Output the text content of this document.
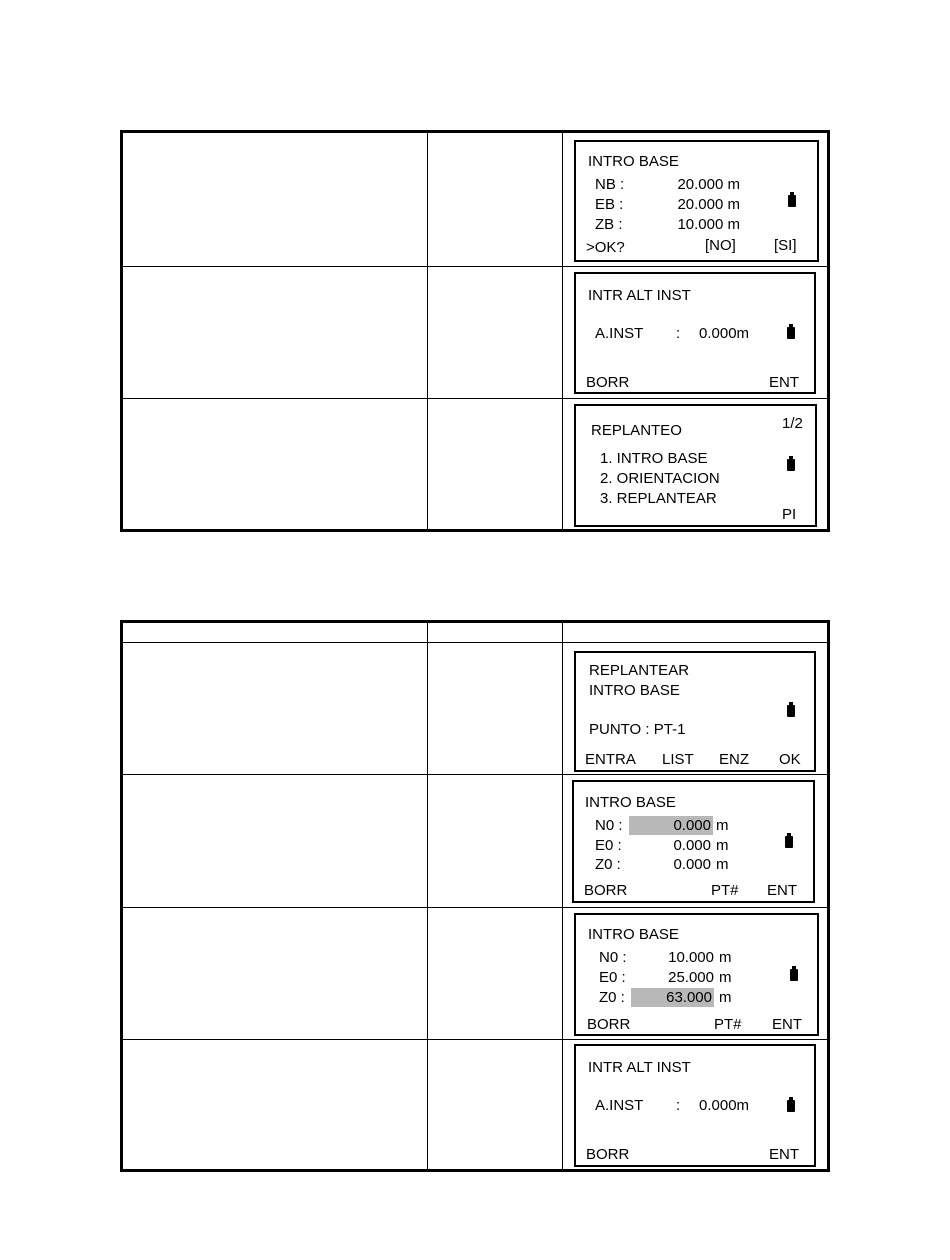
INTRO BASE
NB :	20.000 m
EB :	20.000 m
ZB :	10.000 m
>OK?	[NO]	[SI]
INTR ALT INST
A.INST : 0.000m
BORR	ENT
REPLANTEO	1/2
1. INTRO BASE
2. ORIENTACION
3. REPLANTEAR
PI
REPLANTEAR
INTRO BASE
PUNTO : PT-1
ENTRA LIST ENZ OK
INTRO BASE
N0 :	0.000 m
E0 :	0.000 m
Z0 :	0.000 m
BORR	PT# ENT
INTRO BASE
N0 :	10.000 m
E0 :	25.000 m
Z0 :	63.000 m
BORR	PT# ENT
INTR ALT INST
A.INST : 0.000m
BORR	ENT
